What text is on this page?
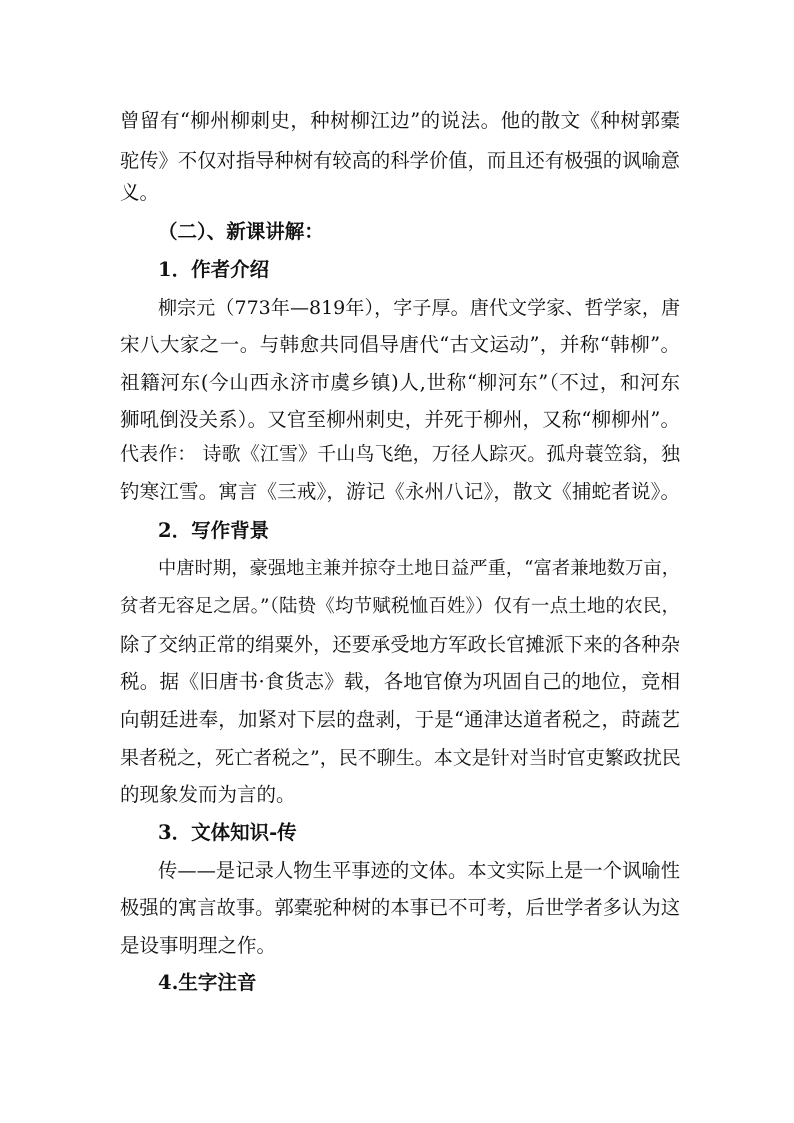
曾留有“柳州柳刺史，种树柳江边”的说法。他的散文《种树郭橐
驼传》不仅对指导种树有较高的科学价值，而且还有极强的讽喻意
义。
（二）、新课讲解：
1．作者介绍
柳宗元（773年—819年），字子厚。唐代文学家、哲学家，唐
宋八大家之一。与韩愈共同倡导唐代“古文运动”，并称“韩柳”。
祖籍河东(今山西永济市虞乡镇)人,世称“柳河东”（不过，和河东
狮吼倒没关系）。又官至柳州刺史，并死于柳州，又称“柳柳州”。
代表作： 诗歌《江雪》千山鸟飞绝，万径人踪灭。孤舟蓑笠翁，独
钓寒江雪。寓言《三戒》，游记《永州八记》，散文《捕蛇者说》。
2．写作背景
中唐时期，豪强地主兼并掠夺土地日益严重，“富者兼地数万亩，
贫者无容足之居。”（陆贽《均节赋税恤百姓》）仅有一点土地的农民，
除了交纳正常的绢粟外，还要承受地方军政长官摊派下来的各种杂
税。据《旧唐书·食货志》载，各地官僚为巩固自己的地位，竞相
向朝廷进奉，加紧对下层的盘剥，于是“通津达道者税之，莳蔬艺
果者税之，死亡者税之”，民不聊生。本文是针对当时官吏繁政扰民
的现象发而为言的。
3．文体知识-传
传——是记录人物生平事迹的文体。本文实际上是一个讽喻性
极强的寓言故事。郭橐驼种树的本事已不可考，后世学者多认为这
是设事明理之作。
4.生字注音
